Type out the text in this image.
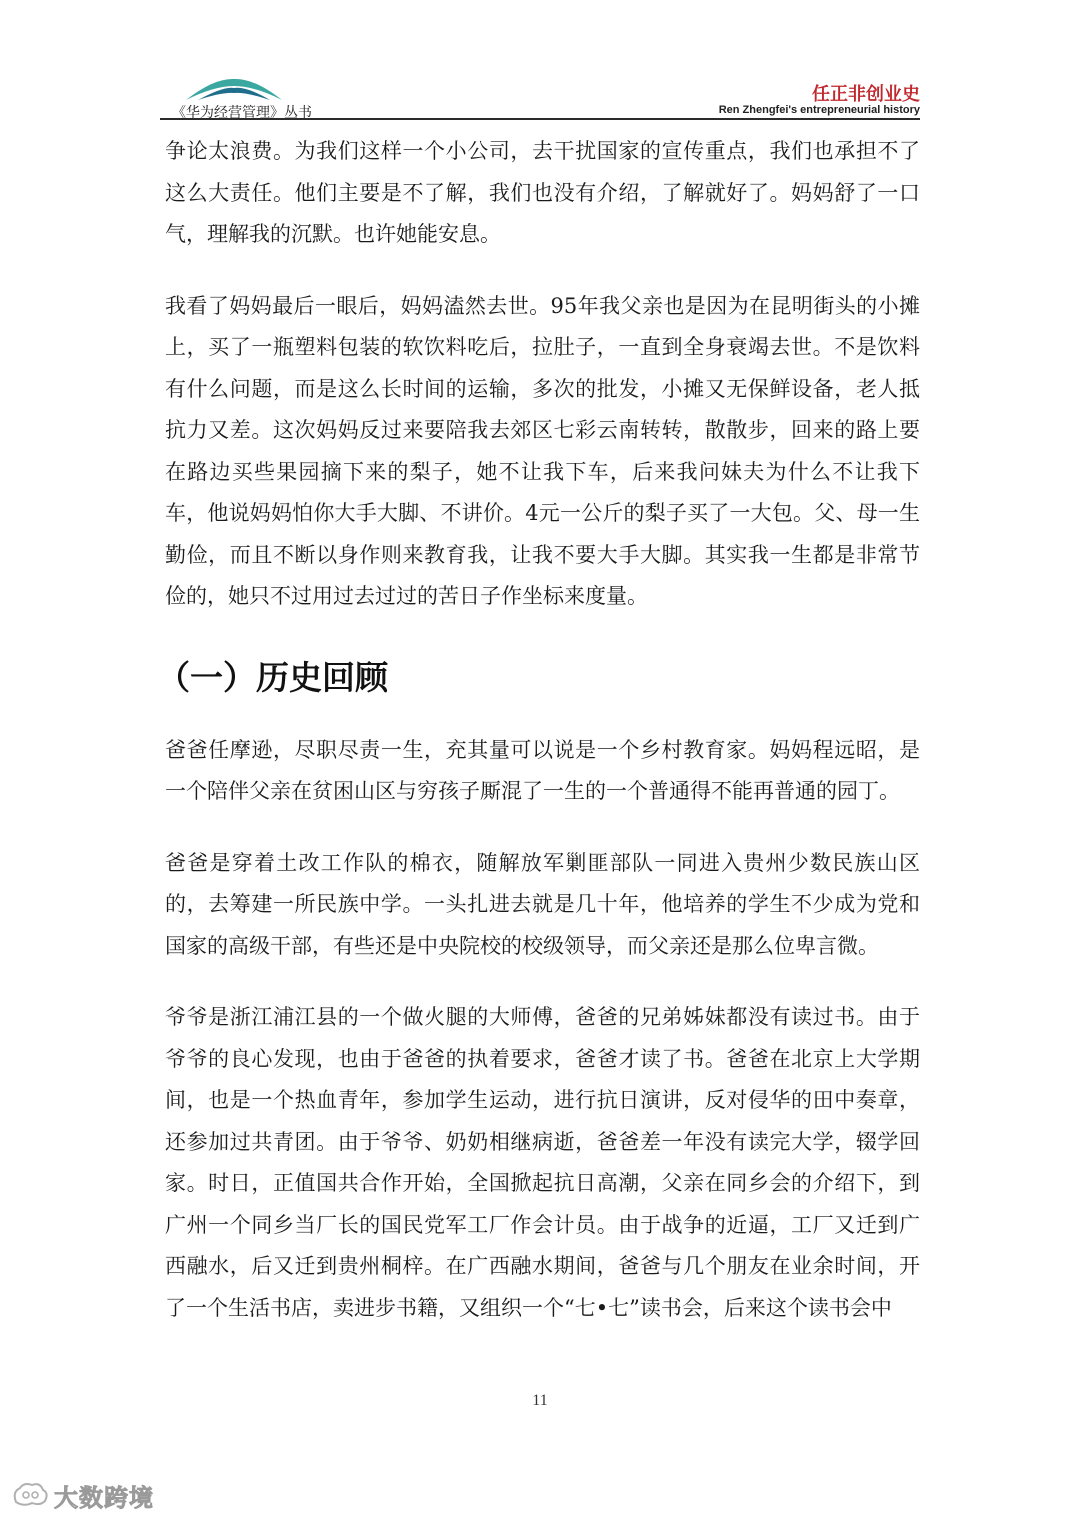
《华为经营管理》丛书
任正非创业史
Ren Zhengfei's entrepreneurial history

争论太浪费。为我们这样一个小公司，去干扰国家的宣传重点，我们也承担不了这么大责任。他们主要是不了解，我们也没有介绍，了解就好了。妈妈舒了一口气，理解我的沉默。也许她能安息。

我看了妈妈最后一眼后，妈妈溘然去世。95年我父亲也是因为在昆明街头的小摊上，买了一瓶塑料包装的软饮料吃后，拉肚子，一直到全身衰竭去世。不是饮料有什么问题，而是这么长时间的运输，多次的批发，小摊又无保鲜设备，老人抵抗力又差。这次妈妈反过来要陪我去郊区七彩云南转转，散散步，回来的路上要在路边买些果园摘下来的梨子，她不让我下车，后来我问妹夫为什么不让我下车，他说妈妈怕你大手大脚、不讲价。4元一公斤的梨子买了一大包。父、母一生勤俭，而且不断以身作则来教育我，让我不要大手大脚。其实我一生都是非常节俭的，她只不过用过去过过的苦日子作坐标来度量。

（一）历史回顾

爸爸任摩逊，尽职尽责一生，充其量可以说是一个乡村教育家。妈妈程远昭，是一个陪伴父亲在贫困山区与穷孩子厮混了一生的一个普通得不能再普通的园丁。

爸爸是穿着土改工作队的棉衣，随解放军剿匪部队一同进入贵州少数民族山区的，去筹建一所民族中学。一头扎进去就是几十年，他培养的学生不少成为党和国家的高级干部，有些还是中央院校的校级领导，而父亲还是那么位卑言微。

爷爷是浙江浦江县的一个做火腿的大师傅，爸爸的兄弟姊妹都没有读过书。由于爷爷的良心发现，也由于爸爸的执着要求，爸爸才读了书。爸爸在北京上大学期间，也是一个热血青年，参加学生运动，进行抗日演讲，反对侵华的田中奏章，还参加过共青团。由于爷爷、奶奶相继病逝，爸爸差一年没有读完大学，辍学回家。时日，正值国共合作开始，全国掀起抗日高潮，父亲在同乡会的介绍下，到广州一个同乡当厂长的国民党军工厂作会计员。由于战争的近逼，工厂又迁到广西融水，后又迁到贵州桐梓。在广西融水期间，爸爸与几个朋友在业余时间，开了一个生活书店，卖进步书籍，又组织一个“七•七”读书会，后来这个读书会中

11
大数跨境
